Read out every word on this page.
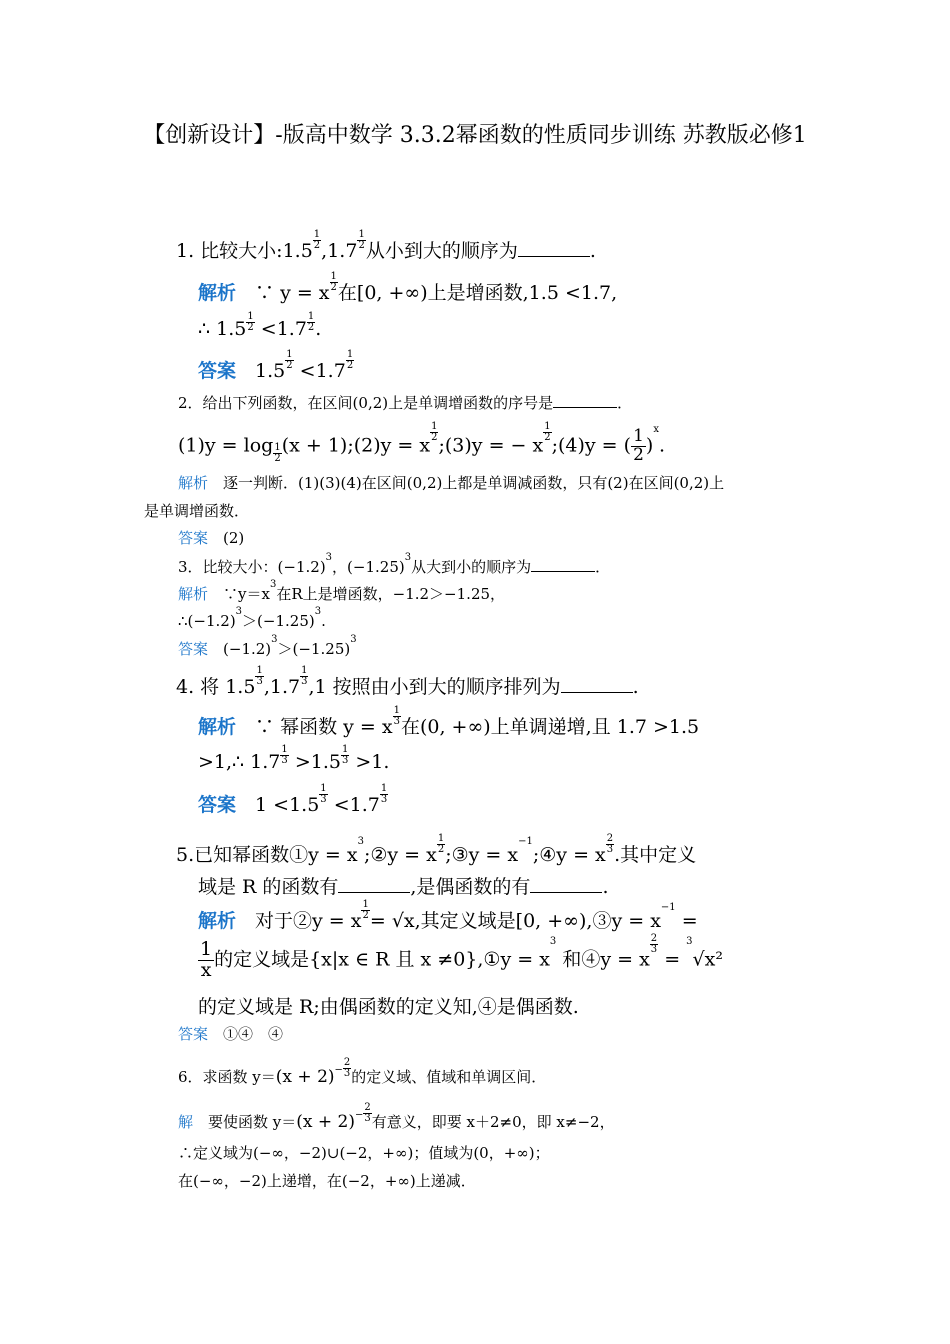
【创新设计】-版高中数学 3.3.2幂函数的性质同步训练 苏教版必修1
1. 比较大小:1.5 $\frac{1}{2} ,1.7 \frac{1}{2}$ 从小到大的顺序为	.
解析　 ∵ y = x $\frac{1}{2}$ 在[0, +∞)上是增函数,1.5 <1.7,
∴ $1.5 \frac{1}{2} <1.7 \frac{1}{2}$ .
答案　 $1.5 \frac{1}{2} <1.7 \frac{1}{2}$
2．给出下列函数，在区间(0,2)上是单调增函数的序号是	．
$(1)y = \log \frac{1}{2} (x$ + 1);(2)y = x
$\frac{1}{2}$
;(3)y = − x
$\frac{1}{2}$
;(4)y = ( $\frac{1}{2} )^x$.
解析　 逐一判断．(1)(3)(4)在区间(0,2)上都是单调减函数，只有(2)在区间(0,2)上
是单调增函数．
答案　 (2)
3．比较大小：$(-1.2)^3$，$(-1.25)^3$从大到小的顺序为	．
解析　 $\because y=x^3$在R上是增函数，−1.2＞−1.25，
$\therefore(-1.2)^3>(-1.25)^3$.
答案　 $(-1.2)^3>(-1.25)^3$
4. 将 $1.5 \frac{1}{3} ,1.7 \frac{1}{3} ,1$ 按照由小到大的顺序排列为	.
解析　 ∵ 幂函数 y = x $\frac{1}{3}$ 在(0, +∞)上单调递增,且 1.7 >1.5
>1,∴ $1.7 \frac{1}{3} >1.5 \frac{1}{3} >1$.
答案　 $1 <1.5 \frac{1}{3} <1.7 \frac{1}{3}$
5.已知幂函数①y = $x^3;②y = x \frac{1}{2}$ ;③y = $x^{-1};④y = x \frac{2}{3}$ .其中定义
域是 R 的函数有	,是偶函数的有	.
解析　 对于②y = x $\frac{1}{2} = √x$,其定义域是[0, +∞),③y = $x^{-1}$ =
$\frac{1}{x}$ 的定义域是{x|x ∈ R 且 x ≠0},①y = $x^3$ 和④y = x
$\frac{2}{3}$
= $^3$√x²
的定义域是 R;由偶函数的定义知,④是偶函数.
答案　 ①④　④
6．求函数 $y=(x + 2)- \frac{2}{3}$ 的定义域、值域和单调区间．
解　 要使函数 $y=(x + 2)- \frac{2}{3}$ 有意义，即要 x＋2≠0，即 x≠−2，
∴定义域为(−∞，−2)∪(−2，+∞)；值域为(0，+∞)；
在(−∞，−2)上递增，在(−2，+∞)上递减．
